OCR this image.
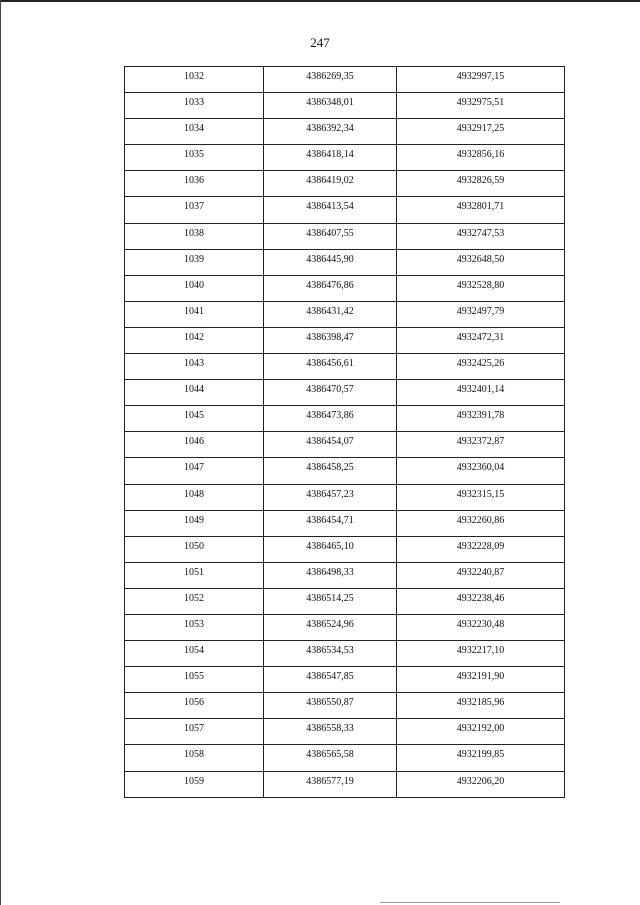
247
1032	4386269,35	4932997,15
1033	4386348,01	4932975,51
1034	4386392,34	4932917,25
1035	4386418,14	4932856,16
1036	4386419,02	4932826,59
1037	4386413,54	4932801,71
1038	4386407,55	4932747,53
1039	4386445,90	4932648,50
1040	4386476,86	4932528,80
1041	4386431,42	4932497,79
1042	4386398,47	4932472,31
1043	4386456,61	4932425,26
1044	4386470,57	4932401,14
1045	4386473,86	4932391,78
1046	4386454,07	4932372,87
1047	4386458,25	4932360,04
1048	4386457,23	4932315,15
1049	4386454,71	4932260,86
1050	4386465,10	4932228,09
1051	4386498,33	4932240,87
1052	4386514,25	4932238,46
1053	4386524,96	4932230,48
1054	4386534,53	4932217,10
1055	4386547,85	4932191,90
1056	4386550,87	4932185,96
1057	4386558,33	4932192,00
1058	4386565,58	4932199,85
1059	4386577,19	4932206,20
